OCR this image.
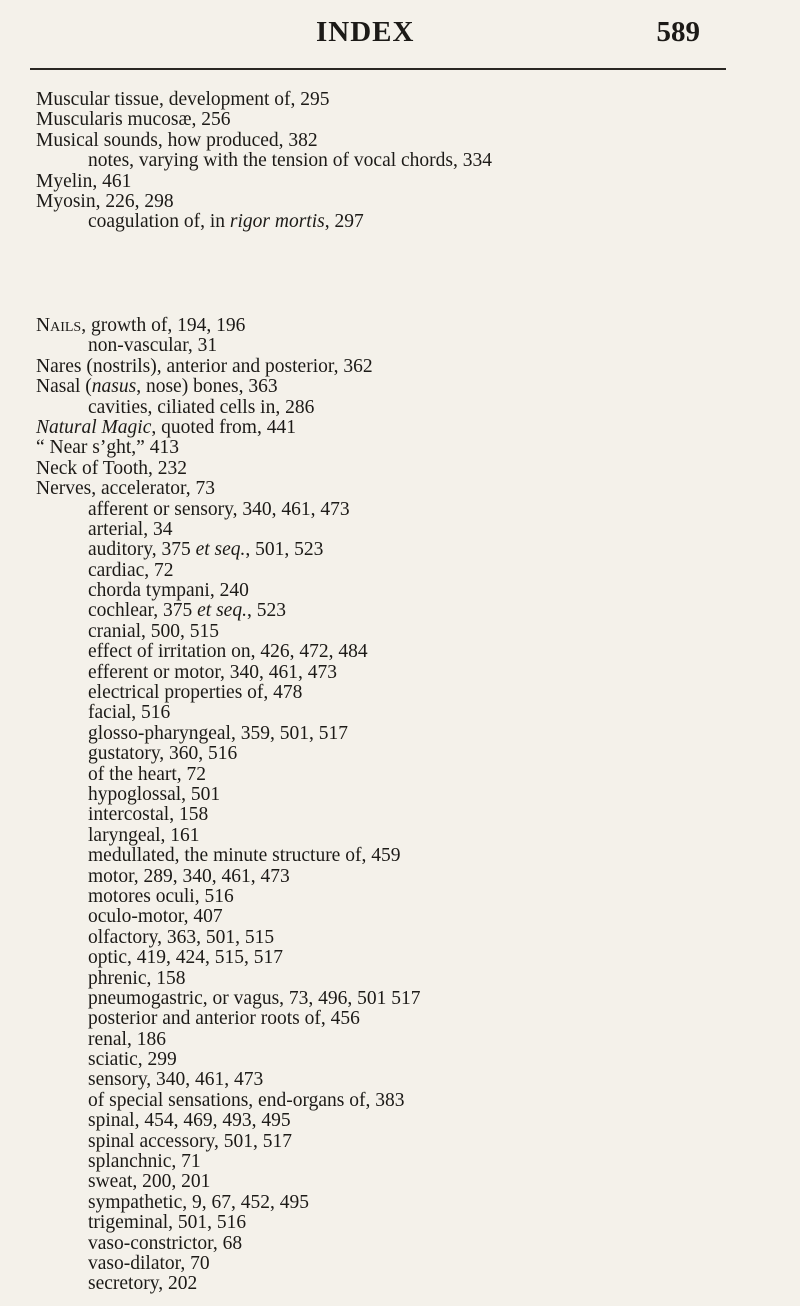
INDEX	589
Muscular tissue, development of, 295
Muscularis mucosæ, 256
Musical sounds, how produced, 382
notes, varying with the tension of vocal chords, 334
Myelin, 461
Myosin, 226, 298
coagulation of, in rigor mortis, 297
Nails, growth of, 194, 196
non-vascular, 31
Nares (nostrils), anterior and posterior, 362
Nasal (nasus, nose) bones, 363
cavities, ciliated cells in, 286
Natural Magic, quoted from, 441
“ Near s’ght,” 413
Neck of Tooth, 232
Nerves, accelerator, 73
afferent or sensory, 340, 461, 473
arterial, 34
auditory, 375 et seq., 501, 523
cardiac, 72
chorda tympani, 240
cochlear, 375 et seq., 523
cranial, 500, 515
effect of irritation on, 426, 472, 484
efferent or motor, 340, 461, 473
electrical properties of, 478
facial, 516
glosso-pharyngeal, 359, 501, 517
gustatory, 360, 516
of the heart, 72
hypoglossal, 501
intercostal, 158
laryngeal, 161
medullated, the minute structure of, 459
motor, 289, 340, 461, 473
motores oculi, 516
oculo-motor, 407
olfactory, 363, 501, 515
optic, 419, 424, 515, 517
phrenic, 158
pneumogastric, or vagus, 73, 496, 501 517
posterior and anterior roots of, 456
renal, 186
sciatic, 299
sensory, 340, 461, 473
of special sensations, end-organs of, 383
spinal, 454, 469, 493, 495
spinal accessory, 501, 517
splanchnic, 71
sweat, 200, 201
sympathetic, 9, 67, 452, 495
trigeminal, 501, 516
vaso-constrictor, 68
vaso-dilator, 70
secretory, 202
